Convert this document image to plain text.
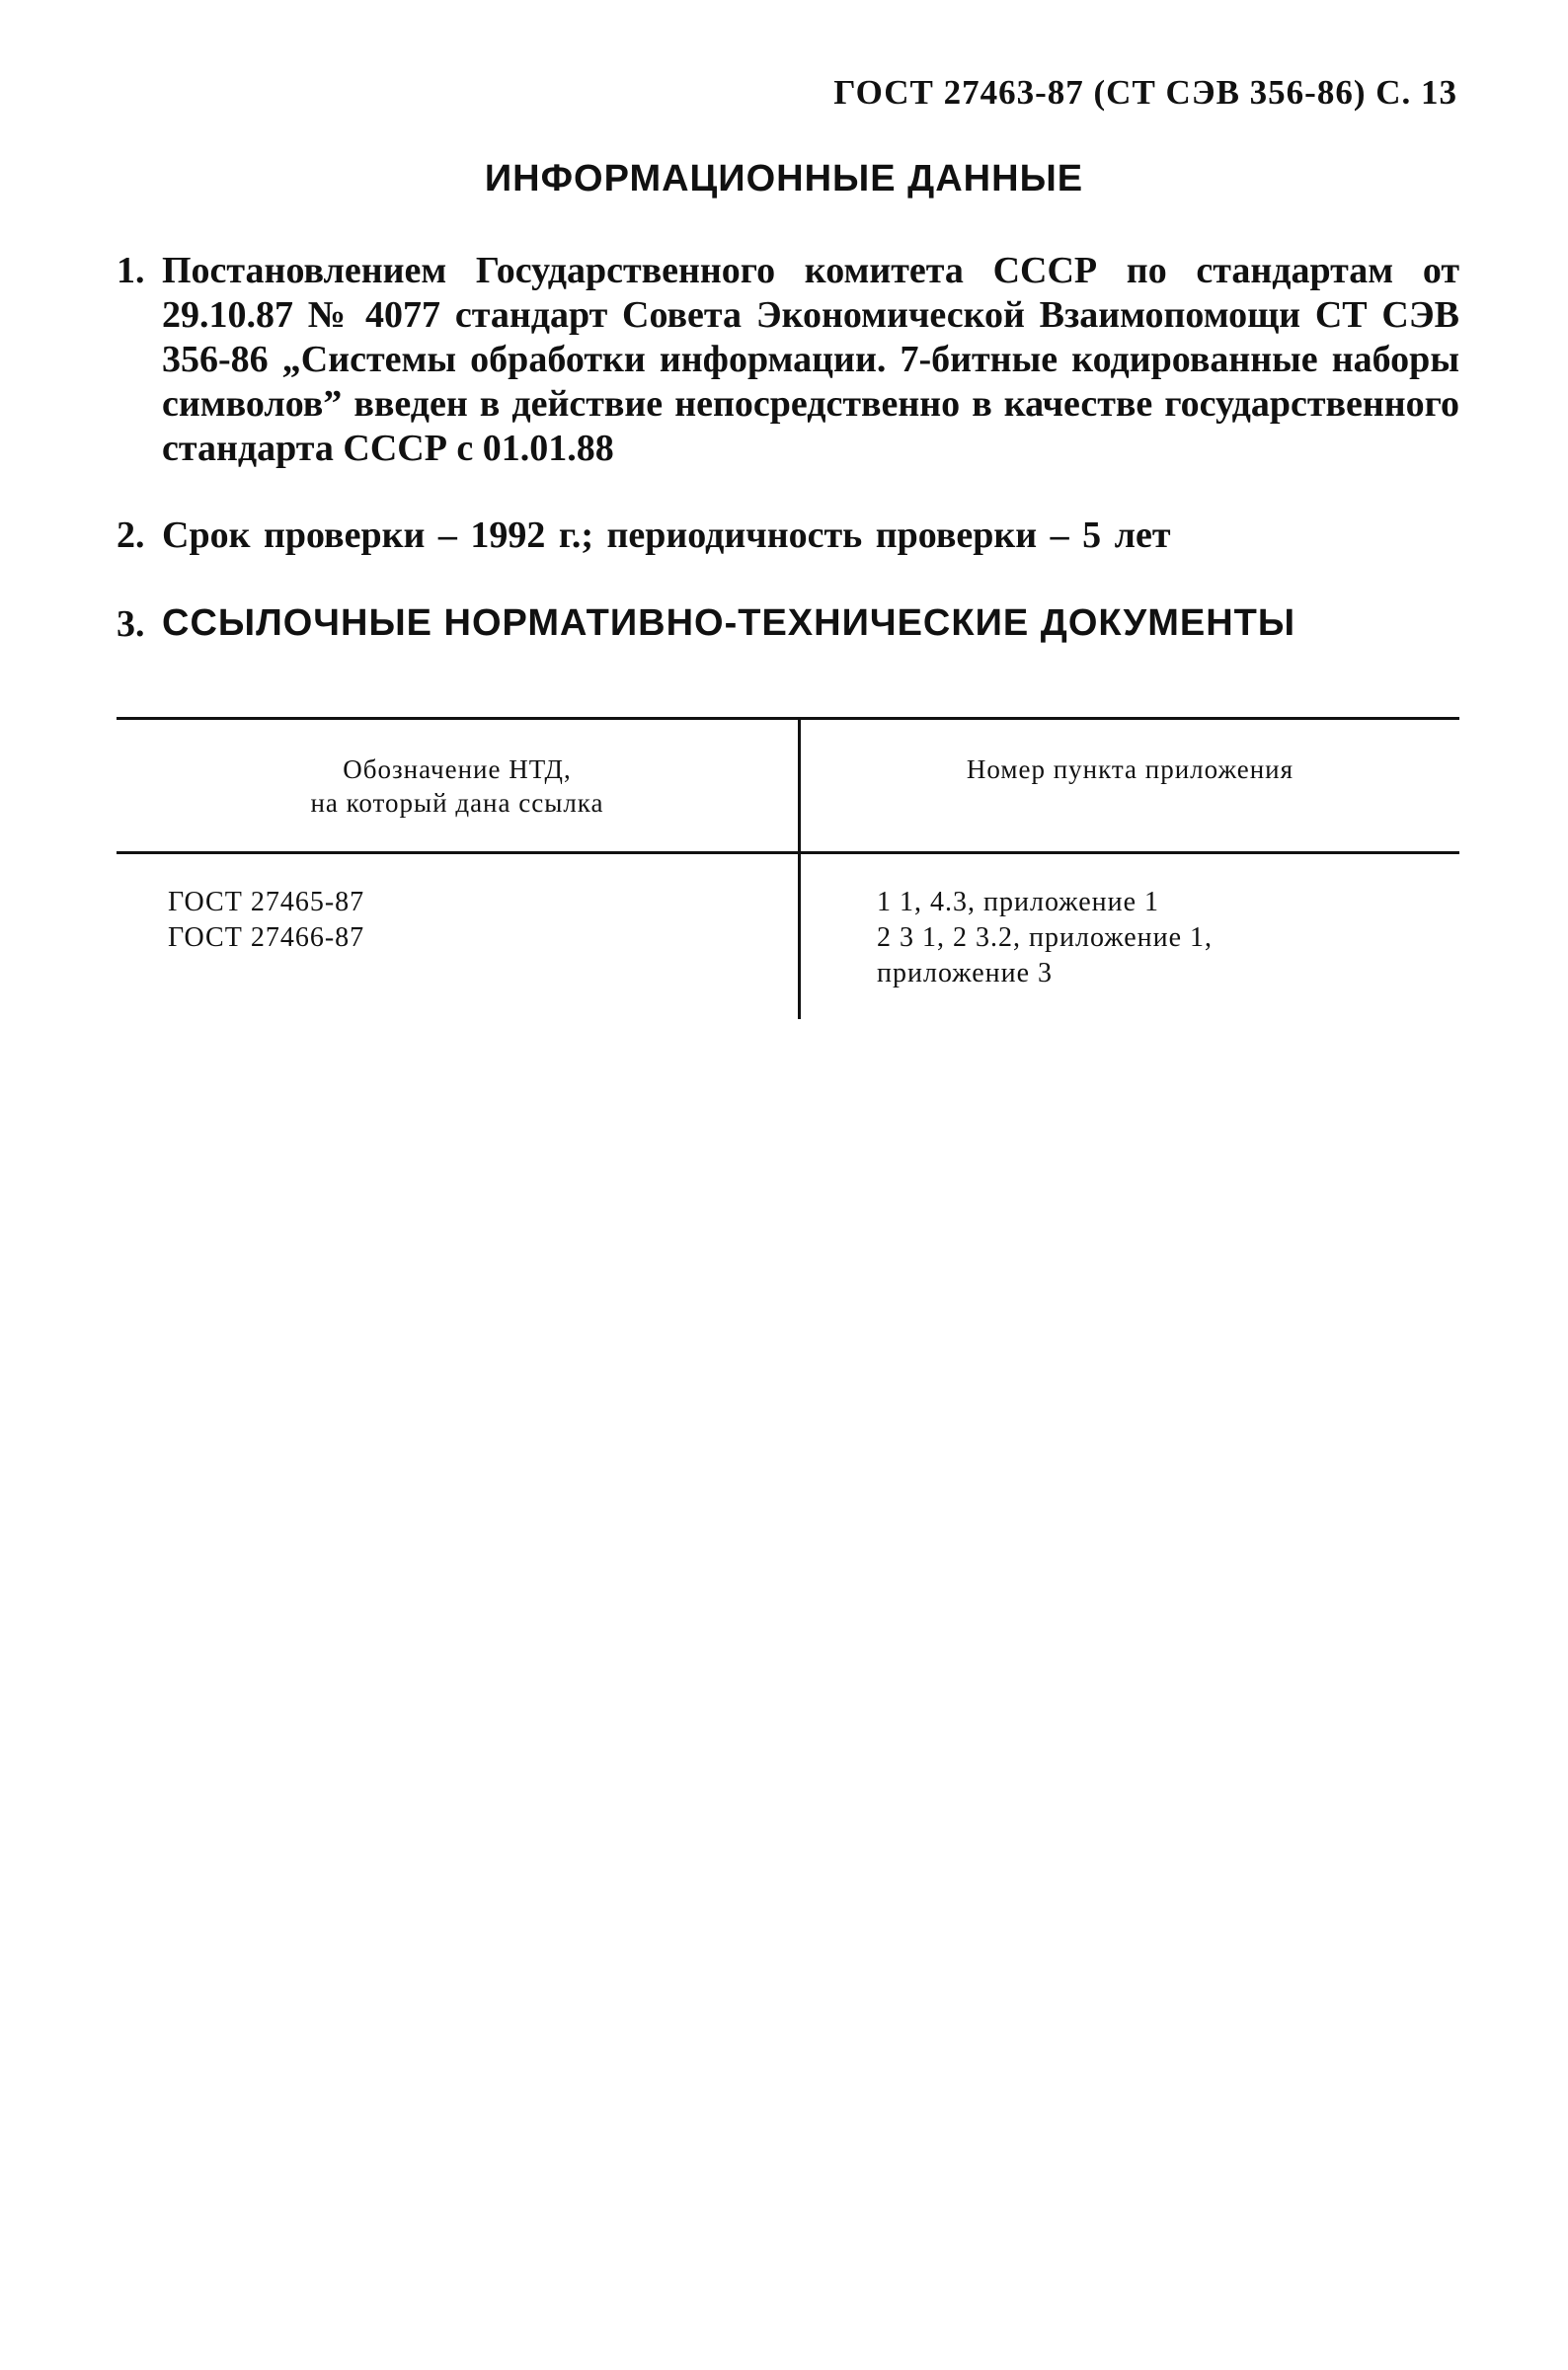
ГОСТ 27463-87 (СТ СЭВ 356-86) С. 13
ИНФОРМАЦИОННЫЕ ДАННЫЕ
1. Постановлением Государственного комитета СССР по стандартам от 29.10.87 № 4077 стандарт Совета Экономической Взаимопомощи СТ СЭВ 356-86 „Системы обработки информации. 7-битные кодированные наборы символов” введен в действие непосредственно в качестве государственного стандарта СССР с 01.01.88
2. Срок проверки – 1992 г.; периодичность проверки – 5 лет
3. ССЫЛОЧНЫЕ НОРМАТИВНО-ТЕХНИЧЕСКИЕ ДОКУМЕНТЫ
Обозначение НТД,
на который дана ссылка
Номер пункта приложения
ГОСТ 27465-87
ГОСТ 27466-87
1 1, 4.3, приложение 1
2 3 1, 2 3.2, приложение 1,
приложение 3
